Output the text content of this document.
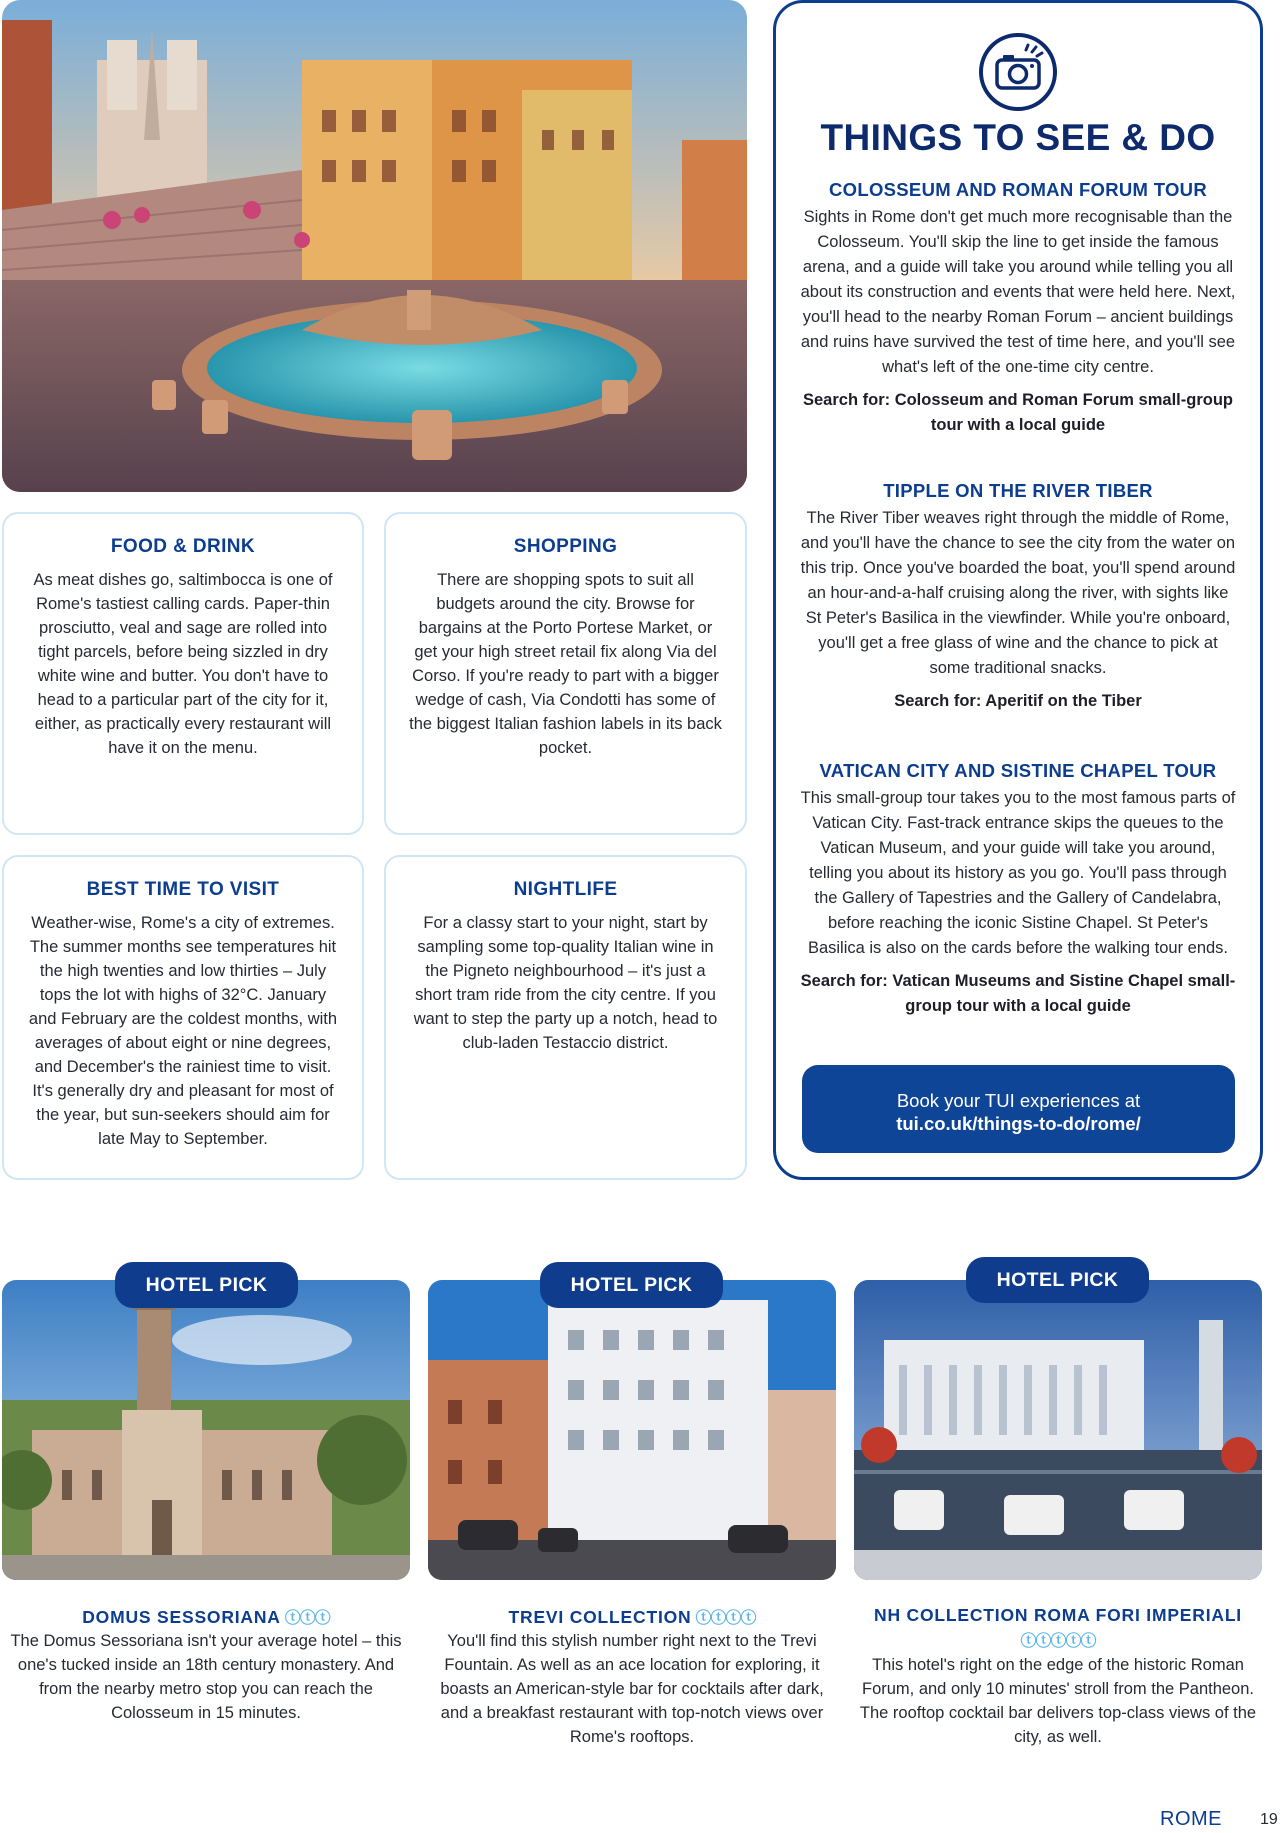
FOOD & DRINK

As meat dishes go, saltimbocca is one of Rome's tastiest calling cards. Paper-thin prosciutto, veal and sage are rolled into tight parcels, before being sizzled in dry white wine and butter. You don't have to head to a particular part of the city for it, either, as practically every restaurant will have it on the menu.

SHOPPING

There are shopping spots to suit all budgets around the city. Browse for bargains at the Porto Portese Market, or get your high street retail fix along Via del Corso. If you're ready to part with a bigger wedge of cash, Via Condotti has some of the biggest Italian fashion labels in its back pocket.

BEST TIME TO VISIT

Weather-wise, Rome's a city of extremes. The summer months see temperatures hit the high twenties and low thirties – July tops the lot with highs of 32°C. January and February are the coldest months, with averages of about eight or nine degrees, and December's the rainiest time to visit. It's generally dry and pleasant for most of the year, but sun-seekers should aim for late May to September.

NIGHTLIFE

For a classy start to your night, start by sampling some top-quality Italian wine in the Pigneto neighbourhood – it's just a short tram ride from the city centre. If you want to step the party up a notch, head to club-laden Testaccio district.

THINGS TO SEE & DO
COLOSSEUM AND ROMAN FORUM TOUR

Sights in Rome don't get much more recognisable than the Colosseum. You'll skip the line to get inside the famous arena, and a guide will take you around while telling you all about its construction and events that were held here. Next, you'll head to the nearby Roman Forum – ancient buildings and ruins have survived the test of time here, and you'll see what's left of the one-time city centre.

Search for: Colosseum and Roman Forum small-group tour with a local guide

TIPPLE ON THE RIVER TIBER

The River Tiber weaves right through the middle of Rome, and you'll have the chance to see the city from the water on this trip. Once you've boarded the boat, you'll spend around an hour-and-a-half cruising along the river, with sights like St Peter's Basilica in the viewfinder. While you're onboard, you'll get a free glass of wine and the chance to pick at some traditional snacks.

Search for: Aperitif on the Tiber

VATICAN CITY AND SISTINE CHAPEL TOUR

This small-group tour takes you to the most famous parts of Vatican City. Fast-track entrance skips the queues to the Vatican Museum, and your guide will take you around, telling you about its history as you go. You'll pass through the Gallery of Tapestries and the Gallery of Candelabra, before reaching the iconic Sistine Chapel. St Peter's Basilica is also on the cards before the walking tour ends.

Search for: Vatican Museums and Sistine Chapel small-group tour with a local guide

Book your TUI experiences at
tui.co.uk/things-to-do/rome/
HOTEL PICK
DOMUS SESSORIANA ⓣⓣⓣ
The Domus Sessoriana isn't your average hotel – this one's tucked inside an 18th century monastery. And from the nearby metro stop you can reach the Colosseum in 15 minutes.
HOTEL PICK
TREVI COLLECTION ⓣⓣⓣⓣ
You'll find this stylish number right next to the Trevi Fountain. As well as an ace location for exploring, it boasts an American-style bar for cocktails after dark, and a breakfast restaurant with top-notch views over Rome's rooftops.
HOTEL PICK
NH COLLECTION ROMA FORI IMPERIALI
ⓣⓣⓣⓣⓣ
This hotel's right on the edge of the historic Roman Forum, and only 10 minutes' stroll from the Pantheon. The rooftop cocktail bar delivers top-class views of the city, as well.
ROME 19
